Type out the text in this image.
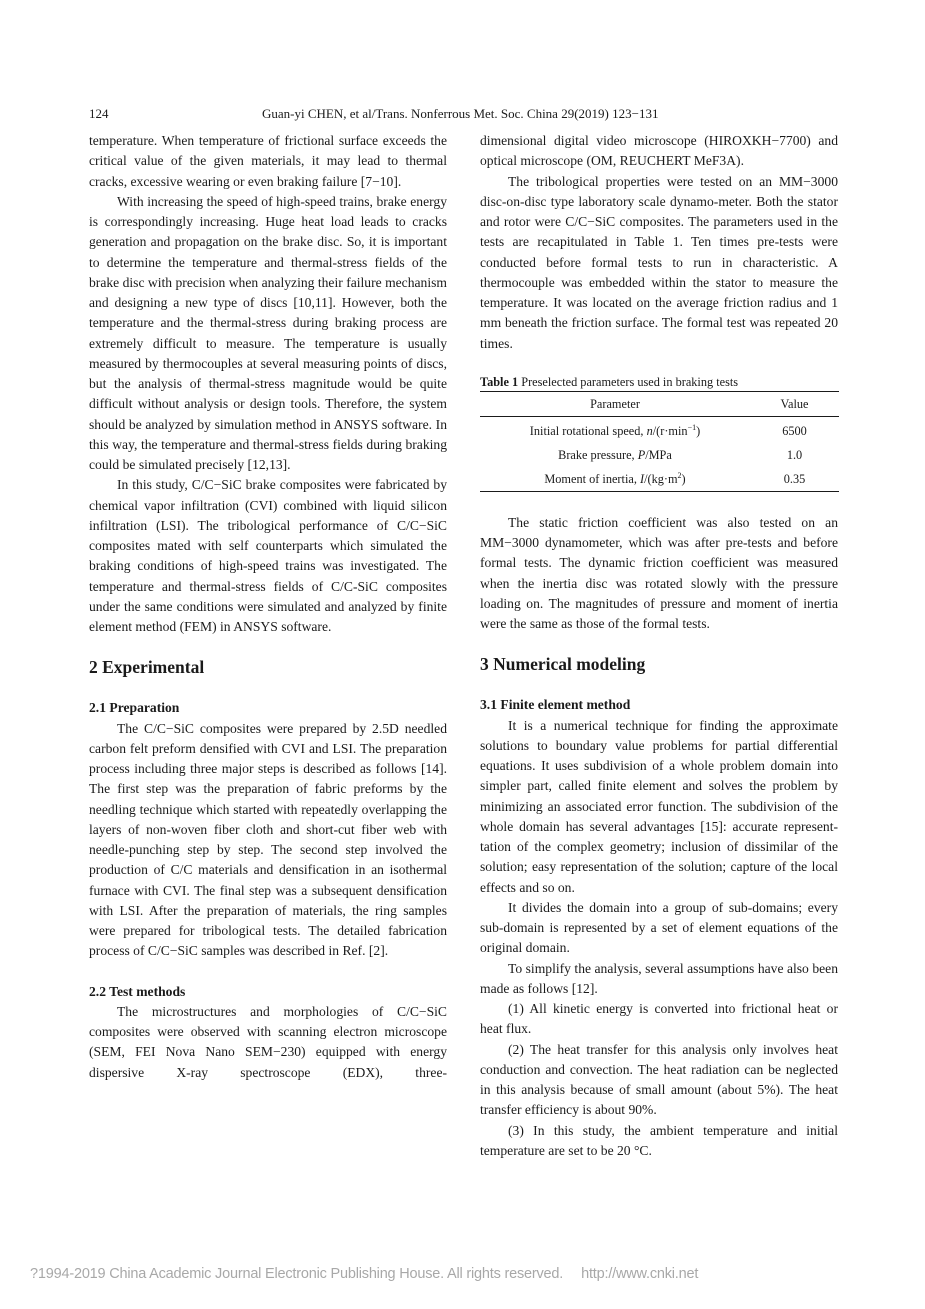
124	Guan-yi CHEN, et al/Trans. Nonferrous Met. Soc. China 29(2019) 123−131

temperature. When temperature of frictional surface exceeds the critical value of the given materials, it may lead to thermal cracks, excessive wearing or even braking failure [7−10].

With increasing the speed of high-speed trains, brake energy is correspondingly increasing. Huge heat load leads to cracks generation and propagation on the brake disc. So, it is important to determine the temperature and thermal-stress fields of the brake disc with precision when analyzing their failure mechanism and designing a new type of discs [10,11]. However, both the temperature and the thermal-stress during braking process are extremely difficult to measure. The temperature is usually measured by thermocouples at several measuring points of discs, but the analysis of thermal-stress magnitude would be quite difficult without analysis or design tools. Therefore, the system should be analyzed by simulation method in ANSYS software. In this way, the temperature and thermal-stress fields during braking could be simulated precisely [12,13].

In this study, C/C−SiC brake composites were fabricated by chemical vapor infiltration (CVI) combined with liquid silicon infiltration (LSI). The tribological performance of C/C−SiC composites mated with self counterparts which simulated the braking conditions of high-speed trains was investigated. The temperature and thermal-stress fields of C/C-SiC composites under the same conditions were simulated and analyzed by finite element method (FEM) in ANSYS software.

2 Experimental
2.1 Preparation

The C/C−SiC composites were prepared by 2.5D needled carbon felt preform densified with CVI and LSI. The preparation process including three major steps is described as follows [14]. The first step was the preparation of fabric preforms by the needling technique which started with repeatedly overlapping the layers of non-woven fiber cloth and short-cut fiber web with needle-punching step by step. The second step involved the production of C/C materials and densification in an isothermal furnace with CVI. The final step was a subsequent densification with LSI. After the preparation of materials, the ring samples were prepared for tribological tests. The detailed fabrication process of C/C−SiC samples was described in Ref. [2].

2.2 Test methods

The microstructures and morphologies of C/C−SiC composites were observed with scanning electron microscope (SEM, FEI Nova Nano SEM−230) equipped with energy dispersive X-ray spectroscope (EDX), three-

dimensional digital video microscope (HIROXKH−7700) and optical microscope (OM, REUCHERT MeF3A).

The tribological properties were tested on an MM−3000 disc-on-disc type laboratory scale dynamo-meter. Both the stator and rotor were C/C−SiC composites. The parameters used in the tests are recapitulated in Table 1. Ten times pre-tests were conducted before formal tests to run in characteristic. A thermocouple was embedded within the stator to measure the temperature. It was located on the average friction radius and 1 mm beneath the friction surface. The formal test was repeated 20 times.

Table 1 Preselected parameters used in braking tests
Parameter	Value
Initial rotational speed, $n/(r\cdot\min^{-1})$	6500
Brake pressure, P/MPa	1.0
Moment of inertia, $I/(kg\cdot m^2)$	0.35

The static friction coefficient was also tested on an MM−3000 dynamometer, which was after pre-tests and before formal tests. The dynamic friction coefficient was measured when the inertia disc was rotated slowly with the pressure loading on. The magnitudes of pressure and moment of inertia were the same as those of the formal tests.

3 Numerical modeling
3.1 Finite element method

It is a numerical technique for finding the approximate solutions to boundary value problems for partial differential equations. It uses subdivision of a whole problem domain into simpler part, called finite element and solves the problem by minimizing an associated error function. The subdivision of the whole domain has several advantages [15]: accurate represent-tation of the complex geometry; inclusion of dissimilar of the solution; easy representation of the solution; capture of the local effects and so on.

It divides the domain into a group of sub-domains; every sub-domain is represented by a set of element equations of the original domain.

To simplify the analysis, several assumptions have also been made as follows [12].

(1) All kinetic energy is converted into frictional heat or heat flux.

(2) The heat transfer for this analysis only involves heat conduction and convection. The heat radiation can be neglected in this analysis because of small amount (about 5%). The heat transfer efficiency is about 90%.

(3) In this study, the ambient temperature and initial temperature are set to be 20 °C.

?1994-2019 China Academic Journal Electronic Publishing House. All rights reserved. http://www.cnki.net
